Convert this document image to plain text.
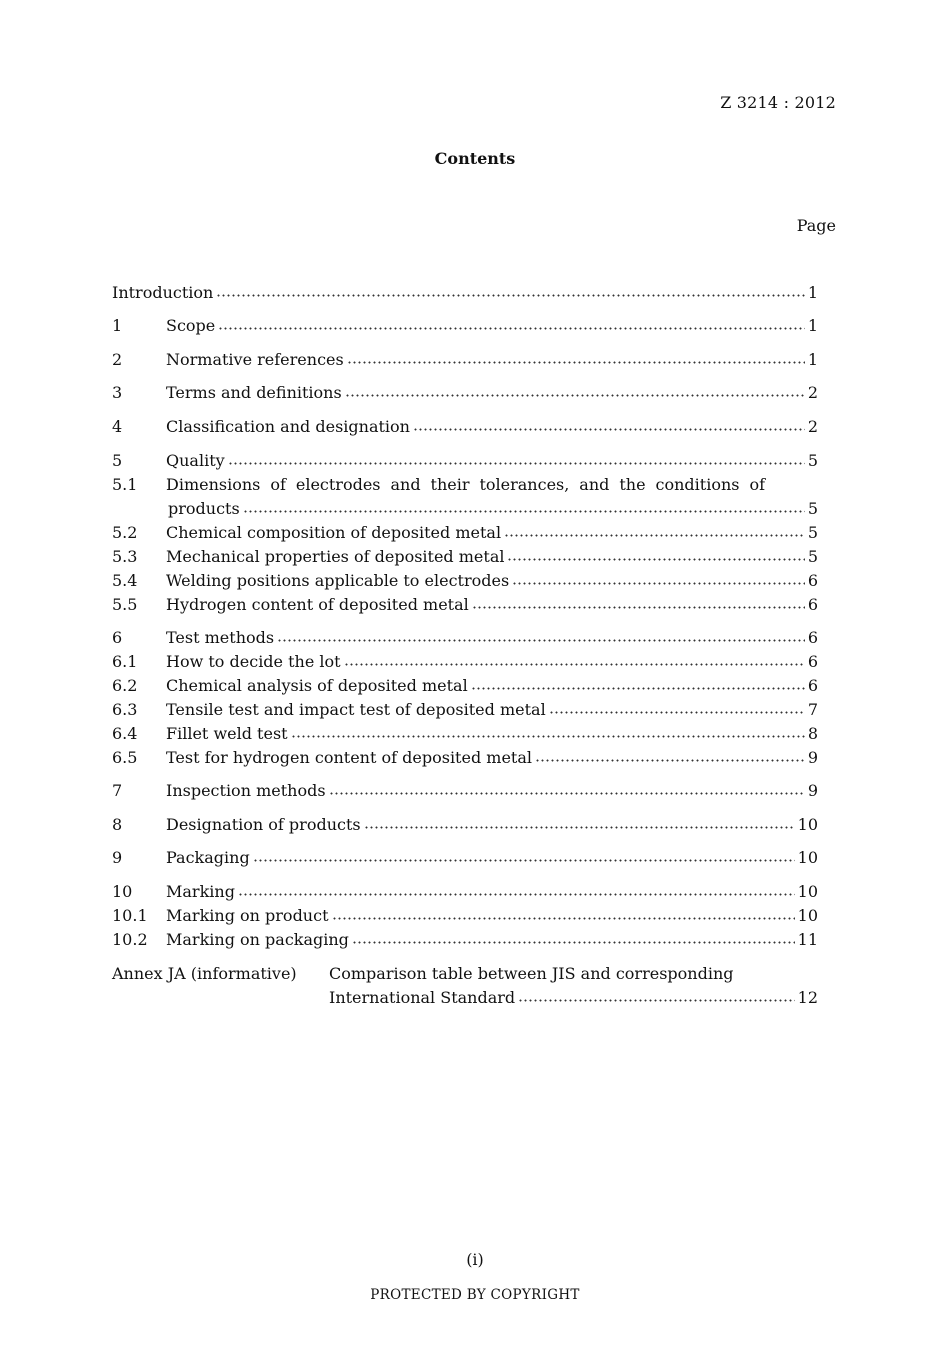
Z 3214 : 2012
Contents
Page
Introduction	1
1	Scope	1
2	Normative references	1
3	Terms and definitions	2
4	Classification and designation	2
5	Quality	5
5.1 Dimensions of electrodes and their tolerances, and the conditions of
products	5
5.2 Chemical composition of deposited metal	5
5.3 Mechanical properties of deposited metal	5
5.4 Welding positions applicable to electrodes	6
5.5 Hydrogen content of deposited metal	6
6	Test methods	6
6.1 How to decide the lot	6
6.2 Chemical analysis of deposited metal	6
6.3 Tensile test and impact test of deposited metal	7
6.4 Fillet weld test	8
6.5 Test for hydrogen content of deposited metal	9
7	Inspection methods	9
8	Designation of products	10
9	Packaging	10
10 Marking	10
10.1 Marking on product	10
10.2 Marking on packaging	11
Annex JA (informative) Comparison table between JIS and corresponding
International Standard	12
(i)
PROTECTED BY COPYRIGHT
